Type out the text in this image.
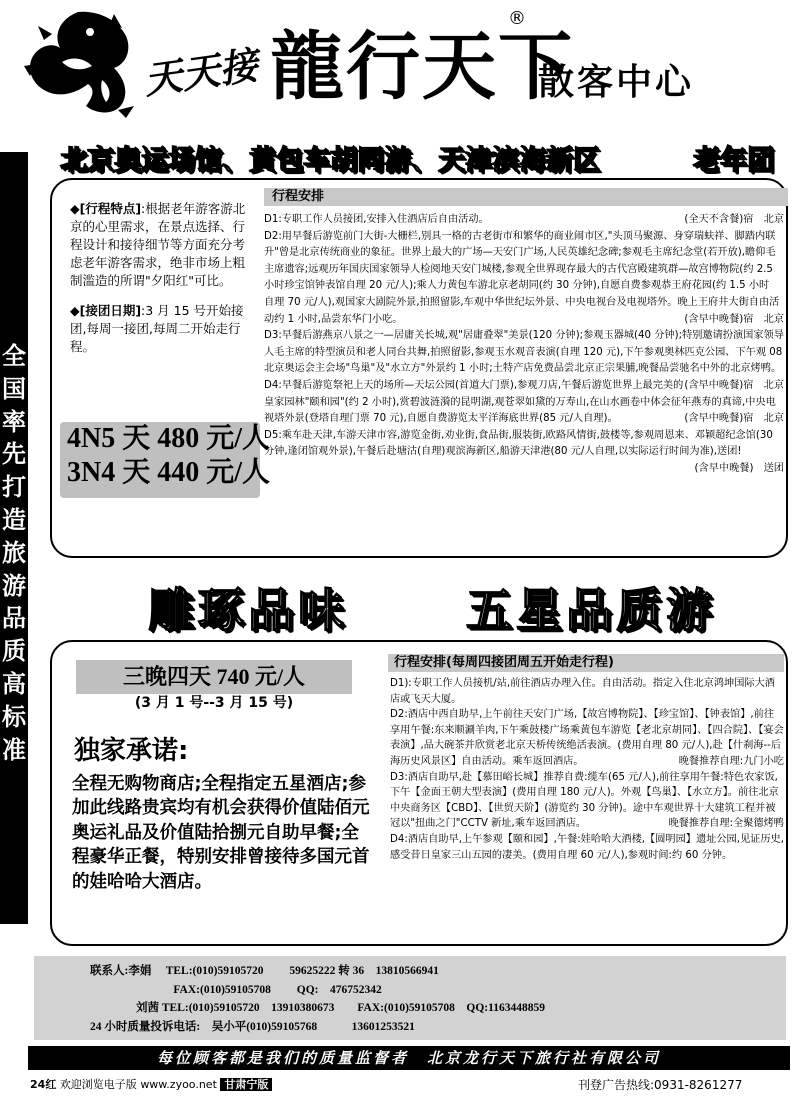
天天接 龍行天下
®
散客中心
全国率先打造旅游品质高标准
北京奥运场馆、黄包车胡同游、天津滨海新区	老年团
◆[行程特点]:根据老年游客游北京的心里需求，在景点选择、行程设计和接待细节等方面充分考虑老年游客需求，绝非市场上粗制滥造的所谓"夕阳红"可比。
◆[接团日期]:3 月 15 号开始接团,每周一接团,每周二开始走行程。
4N5 天 480 元/人
3N4 天 440 元/人
行程安排

D1:专职工作人员接团,安排入住酒店后自由活动。	(全天不含餐)宿　北京

D2:用早餐后游览前门大街-大栅栏,别具一格的古老街市和繁华的商业闹市区,"头顶马聚源、身穿瑞蚨祥、脚踏内联升"曾是北京传统商业的象征。世界上最大的广场—天安门广场,人民英雄纪念碑;参观毛主席纪念堂(若开放),瞻仰毛主席遗容;远观历年国庆国家领导人检阅地天安门城楼,参观全世界现存最大的古代宫殿建筑群—故宫博物院(约 2.5 小时珍宝馆钟表馆自理 20 元/人);乘人力黄包车游北京老胡同(约 30 分钟),自愿自费参观恭王府花园(约 1.5 小时　自理 70 元/人),观国家大剧院外景,拍照留影,车观中华世纪坛外景、中央电视台及电视塔外。晚上王府井大街自由活动约 1 小时,品尝东华门小吃。	(含早中晚餐)宿　北京

D3:早餐后游燕京八景之一—居庸关长城,观"居庸叠翠"美景(120 分钟);参观玉器城(40 分钟);特别邀请扮演国家领导人毛主席的特型演员和老人同台共舞,拍照留影,参观玉水观音表演(自理 120 元),下午参观奥林匹克公园、下午观 08 北京奥运会主会场"鸟巢"及"水立方"外景约 1 小时;土特产店免费品尝北京正宗果脯,晚餐品尝驰名中外的北京烤鸭。
(含早中晚餐)宿　北京

D4:早餐后游览祭祀上天的场所—天坛公园(首道大门票),参观刀店,午餐后游览世界上最完美的皇家园林"颐和园"(约 2 小时),赏碧波涟漪的昆明湖,观苍翠如黛的万寿山,在山水画卷中体会征年燕寿的真谛,中央电视塔外景(登塔自理门票 70 元),自愿自费游览太平洋海底世界(85 元/人自理)。	(含早中晚餐)宿　北京

D5:乘车赴天津,车游天津市容,游览金街,劝业街,食品街,服装街,欧路风情街,鼓楼等,参观周恩来、邓颖超纪念馆(30 分钟,逢闭馆观外景),午餐后赴塘沽(自理)观滨海新区,船游天津港(80 元/人自理,以实际运行时间为准),送团!
(含早中晚餐)　送团

雕琢品味	五星品质游
三晚四天 740 元/人
(3 月 1 号--3 月 15 号)
独家承诺:
全程无购物商店;全程指定五星酒店;参加此线路贵宾均有机会获得价值陆佰元奥运礼品及价值陆拾捌元自助早餐;全程豪华正餐，特别安排曾接待多国元首的娃哈哈大酒店。
行程安排(每周四接团周五开始走行程)

D1):专职工作人员接机/站,前往酒店办理入住。自由活动。指定入住北京鸿坤国际大酒店或飞天大厦。

D2:酒店中西自助早,上午前往天安门广场,【故宫博物院】、【珍宝馆】、【钟表馆】,前往享用午餐:东来顺涮羊肉,下午乘鼓楼广场乘黄包车游览【老北京胡同】、【四合院】、【宴会表演】,品大碗茶并欣赏老北京天桥传统绝活表演。(费用自理 80 元/人),赴【什刹海--后海历史风景区】自由活动。乘车返回酒店。	晚餐推荐自理:九门小吃

D3:酒店自助早,赴【慕田峪长城】推荐自费:缆车(65 元/人),前往享用午餐:特色农家饭,下午【金面王朝大型表演】(费用自理 180 元/人)。外观【鸟巢】、【水立方】。前往北京中央商务区【CBD】、【世贸天阶】(游览约 30 分钟)。途中车观世界十大建筑工程并被冠以"扭曲之门"CCTV 新址,乘车返回酒店。	晚餐推荐自理:全聚德烤鸭

D4:酒店自助早,上午参观【颐和园】,午餐:娃哈哈大酒楼,【圆明园】遗址公园,见证历史,感受昔日皇家三山五园的凄美。(费用自理 60 元/人),参观时间:约 60 分钟。

联系人:李娟　 TEL:(010)59105720　　 59625222 转 36　13810566941
　　　　　　　 FAX:(010)59105708　　 QQ:　476752342
　　　　刘茜 TEL:(010)59105720　13910380673　　FAX:(010)59105708　QQ:1163448859
24 小时质量投诉电话:　吴小平(010)59105768　　　13601253521
每位顾客都是我们的质量监督者　北京龙行天下旅行社有限公司
24红 欢迎浏览电子版 www.zyoo.net 甘肃宁版	刊登广告热线:0931-8261277
